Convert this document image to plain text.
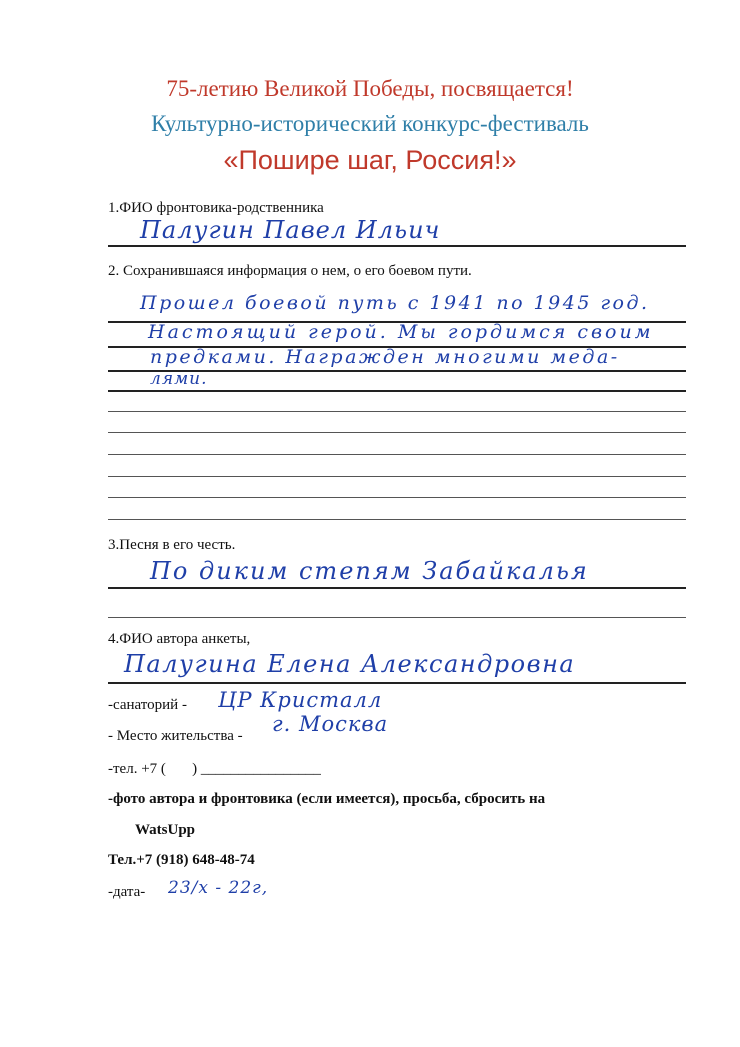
75-летию Великой Победы, посвящается!
Культурно-исторический конкурс-фестиваль
«Пошире шаг, Россия!»
1.ФИО фронтовика-родственника
Палугин Павел Ильич
2. Сохранившаяся информация о нем, о его боевом пути.
Прошел боевой путь с 1941 по 1945 год.
Настоящий герой. Мы гордимся своим
предками. Награжден многими меда-
лями.
3.Песня в его честь.
По диким степям Забайкалья
4.ФИО автора анкеты,
Палугина Елена Александровна
-санаторий - ЦР Кристалл
- Место жительства - г. Москва
-тел. +7 (       ) ________________
-фото автора и фронтовика (если имеется), просьба, сбросить на
WatsUpp
Тел.+7 (918) 648-48-74
-дата- 23/х - 22г,
